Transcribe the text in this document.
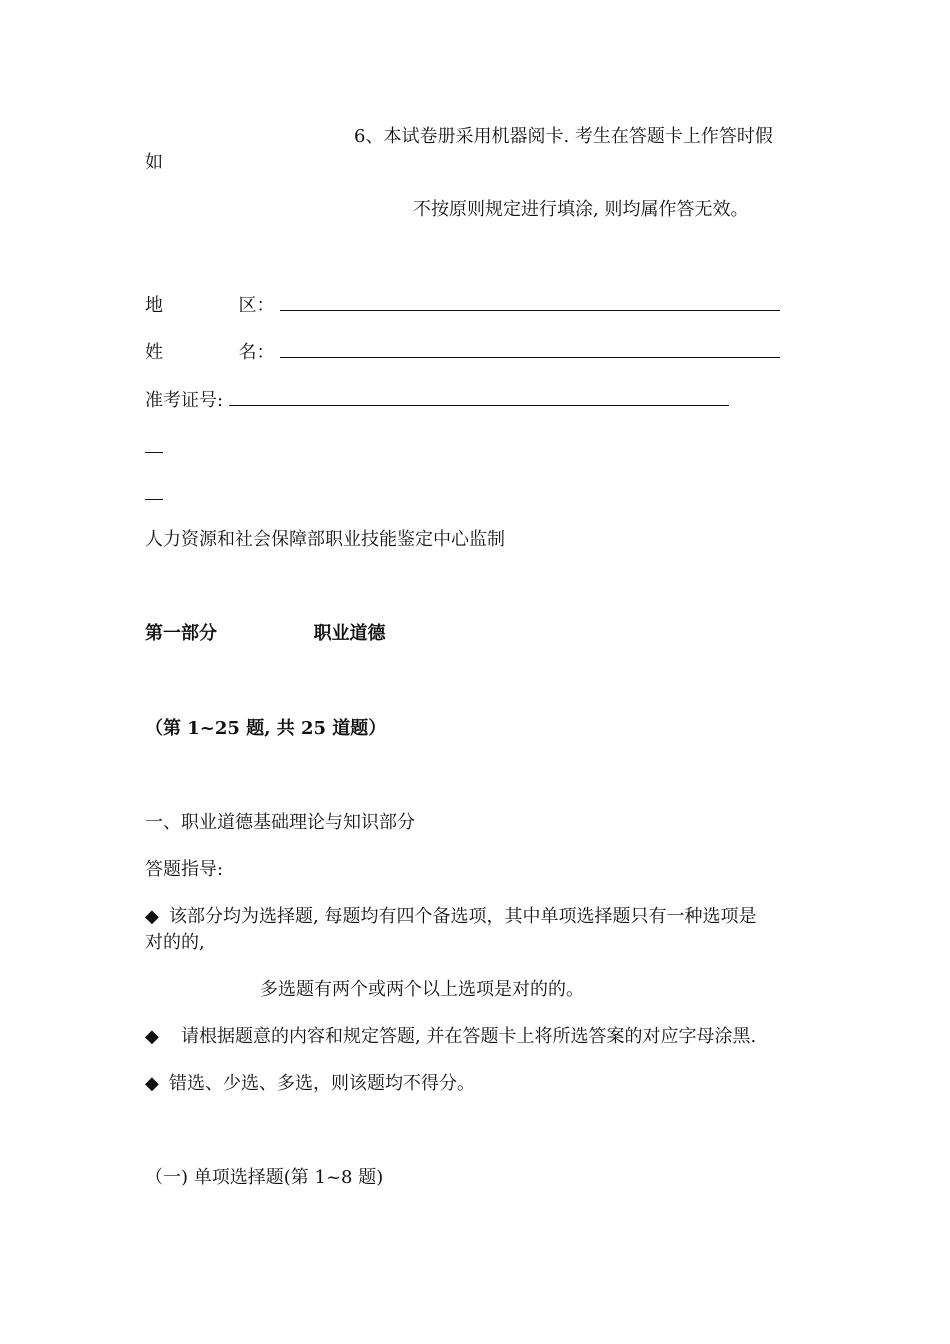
6、本试卷册采用机器阅卡. 考生在答题卡上作答时假
如
不按原则规定进行填涂, 则均属作答无效。
地	区：
姓	名：
准考证号:
人力资源和社会保障部职业技能鉴定中心监制
第一部分	职业道德
（第 1~25 题, 共 25 道题）
一、职业道德基础理论与知识部分
答题指导:
◆ 该部分均为选择题, 每题均有四个备选项，其中单项选择题只有一种选项是
对的的,
多选题有两个或两个以上选项是对的的。
◆ 请根据题意的内容和规定答题, 并在答题卡上将所选答案的对应字母涂黑.
◆ 错选、少选、多选，则该题均不得分。
（一) 单项选择题(第 1~8 题)
